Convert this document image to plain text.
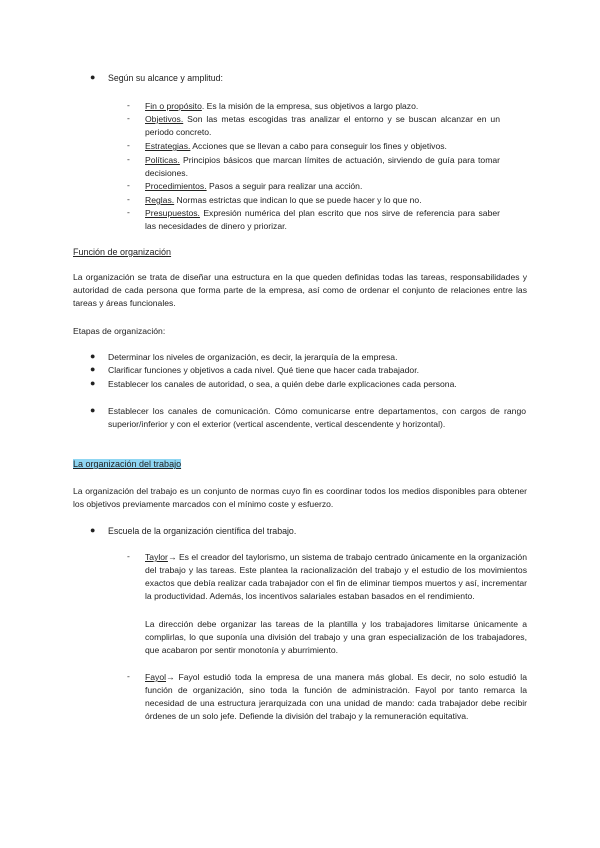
● Según su alcance y amplitud:
- Fin o propósito. Es la misión de la empresa, sus objetivos a largo plazo.
- Objetivos. Son las metas escogidas tras analizar el entorno y se buscan alcanzar en un periodo concreto.
- Estrategias. Acciones que se llevan a cabo para conseguir los fines y objetivos.
- Políticas. Principios básicos que marcan límites de actuación, sirviendo de guía para tomar decisiones.
- Procedimientos. Pasos a seguir para realizar una acción.
- Reglas. Normas estrictas que indican lo que se puede hacer y lo que no.
- Presupuestos. Expresión numérica del plan escrito que nos sirve de referencia para saber las necesidades de dinero y priorizar.
Función de organización
La organización se trata de diseñar una estructura en la que queden definidas todas las tareas, responsabilidades y autoridad de cada persona que forma parte de la empresa, así como de ordenar el conjunto de relaciones entre las tareas y áreas funcionales.
Etapas de organización:
● Determinar los niveles de organización, es decir, la jerarquía de la empresa.
● Clarificar funciones y objetivos a cada nivel. Qué tiene que hacer cada trabajador.
● Establecer los canales de autoridad, o sea, a quién debe darle explicaciones cada persona.
● Establecer los canales de comunicación. Cómo comunicarse entre departamentos, con cargos de rango superior/inferior y con el exterior (vertical ascendente, vertical descendente y horizontal).
La organización del trabajo
La organización del trabajo es un conjunto de normas cuyo fin es coordinar todos los medios disponibles para obtener los objetivos previamente marcados con el mínimo coste y esfuerzo.
● Escuela de la organización científica del trabajo.
- Taylor→ Es el creador del taylorismo, un sistema de trabajo centrado únicamente en la organización del trabajo y las tareas. Este plantea la racionalización del trabajo y el estudio de los movimientos exactos que debía realizar cada trabajador con el fin de eliminar tiempos muertos y así, incrementar la productividad. Además, los incentivos salariales estaban basados en el rendimiento.
La dirección debe organizar las tareas de la plantilla y los trabajadores limitarse únicamente a complirlas, lo que suponía una división del trabajo y una gran especialización de los trabajadores, que acabaron por sentir monotonía y aburrimiento.
- Fayol→ Fayol estudió toda la empresa de una manera más global. Es decir, no solo estudió la función de organización, sino toda la función de administración. Fayol por tanto remarca la necesidad de una estructura jerarquizada con una unidad de mando: cada trabajador debe recibir órdenes de un solo jefe. Defiende la división del trabajo y la remuneración equitativa.
